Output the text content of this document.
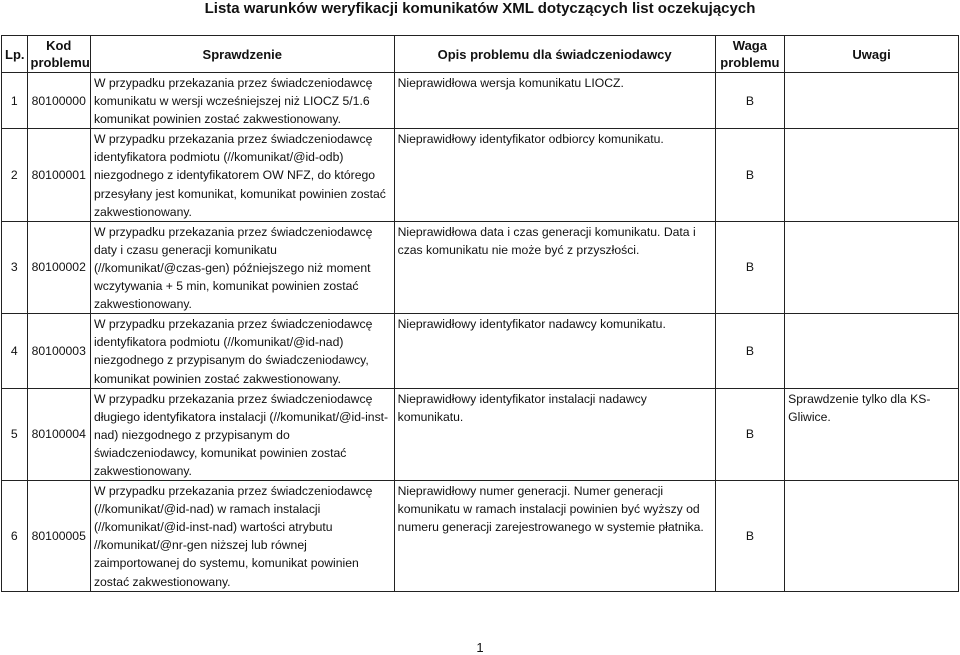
Lista warunków weryfikacji komunikatów XML dotyczących list oczekujących
Lp.	Kod problemu	Sprawdzenie	Opis problemu dla świadczeniodawcy	Waga problemu	Uwagi
1	80100000	W przypadku przekazania przez świadczeniodawcę komunikatu w wersji wcześniejszej niż LIOCZ 5/1.6 komunikat powinien zostać zakwestionowany.	Nieprawidłowa wersja komunikatu LIOCZ.	B	
2	80100001	W przypadku przekazania przez świadczeniodawcę identyfikatora podmiotu (//komunikat/@id-odb) niezgodnego z identyfikatorem OW NFZ, do którego przesyłany jest komunikat, komunikat powinien zostać zakwestionowany.	Nieprawidłowy identyfikator odbiorcy komunikatu.	B	
3	80100002	W przypadku przekazania przez świadczeniodawcę daty i czasu generacji komunikatu (//komunikat/@czas-gen) późniejszego niż moment wczytywania + 5 min, komunikat powinien zostać zakwestionowany.	Nieprawidłowa data i czas generacji komunikatu. Data i czas komunikatu nie może być z przyszłości.	B	
4	80100003	W przypadku przekazania przez świadczeniodawcę identyfikatora podmiotu (//komunikat/@id-nad) niezgodnego z przypisanym do świadczeniodawcy, komunikat powinien zostać zakwestionowany.	Nieprawidłowy identyfikator nadawcy komunikatu.	B	
5	80100004	W przypadku przekazania przez świadczeniodawcę długiego identyfikatora instalacji (//komunikat/@id-inst-nad) niezgodnego z przypisanym do świadczeniodawcy, komunikat powinien zostać zakwestionowany.	Nieprawidłowy identyfikator instalacji nadawcy komunikatu.	B	Sprawdzenie tylko dla KS-Gliwice.
6	80100005	W przypadku przekazania przez świadczeniodawcę (//komunikat/@id-nad) w ramach instalacji (//komunikat/@id-inst-nad) wartości atrybutu //komunikat/@nr-gen niższej lub równej zaimportowanej do systemu, komunikat powinien zostać zakwestionowany.	Nieprawidłowy numer generacji. Numer generacji komunikatu w ramach instalacji powinien być wyższy od numeru generacji zarejestrowanego w systemie płatnika.	B	
1
